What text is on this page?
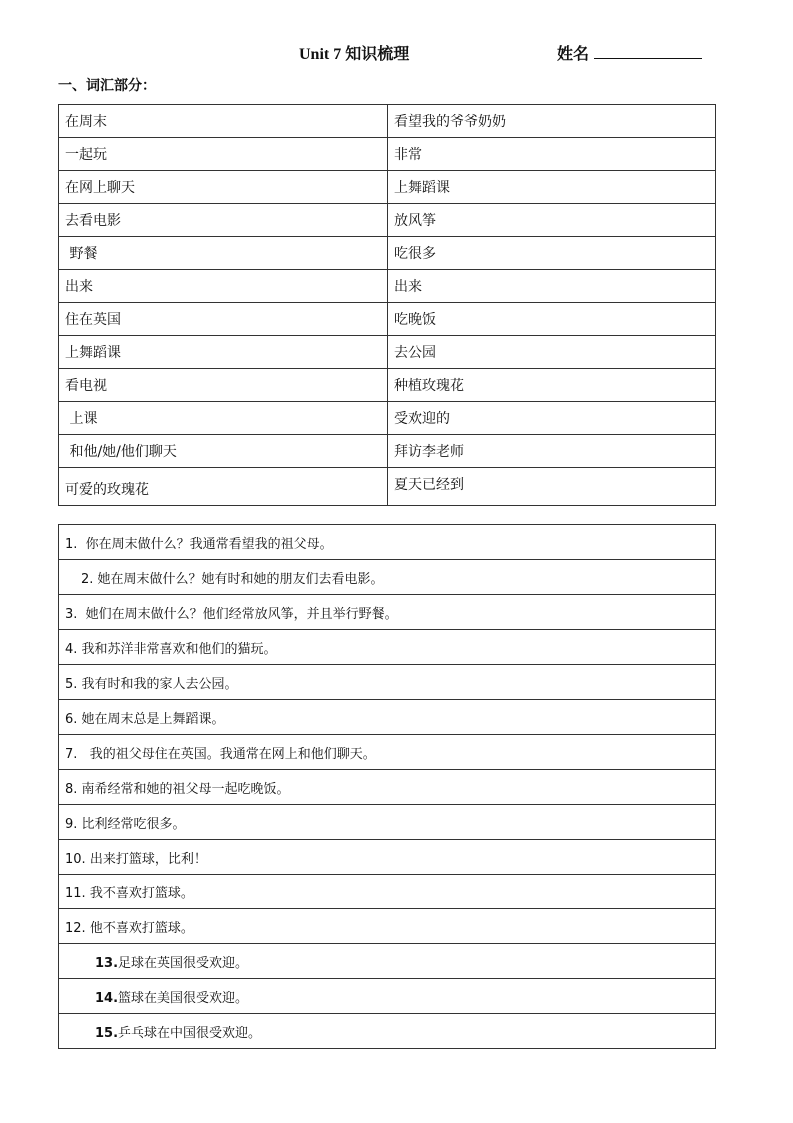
Unit 7 知识梳理	姓名
一、词汇部分：
在周末	看望我的爷爷奶奶
一起玩	非常
在网上聊天	上舞蹈课
去看电影	放风筝
野餐	吃很多
出来	出来
住在英国	吃晚饭
上舞蹈课	去公园
看电视	种植玫瑰花
上课	受欢迎的
和他/她/他们聊天	拜访李老师
可爱的玫瑰花	夏天已经到
1.  你在周末做什么？我通常看望我的祖父母。
2. 她在周末做什么？她有时和她的朋友们去看电影。
3.  她们在周末做什么？他们经常放风筝，并且举行野餐。
4. 我和苏洋非常喜欢和他们的猫玩。
5. 我有时和我的家人去公园。
6. 她在周末总是上舞蹈课。
7.   我的祖父母住在英国。我通常在网上和他们聊天。
8. 南希经常和她的祖父母一起吃晚饭。
9. 比利经常吃很多。
10. 出来打篮球，比利！
11. 我不喜欢打篮球。
12. 他不喜欢打篮球。
13.足球在英国很受欢迎。
14.篮球在美国很受欢迎。
15.乒乓球在中国很受欢迎。
